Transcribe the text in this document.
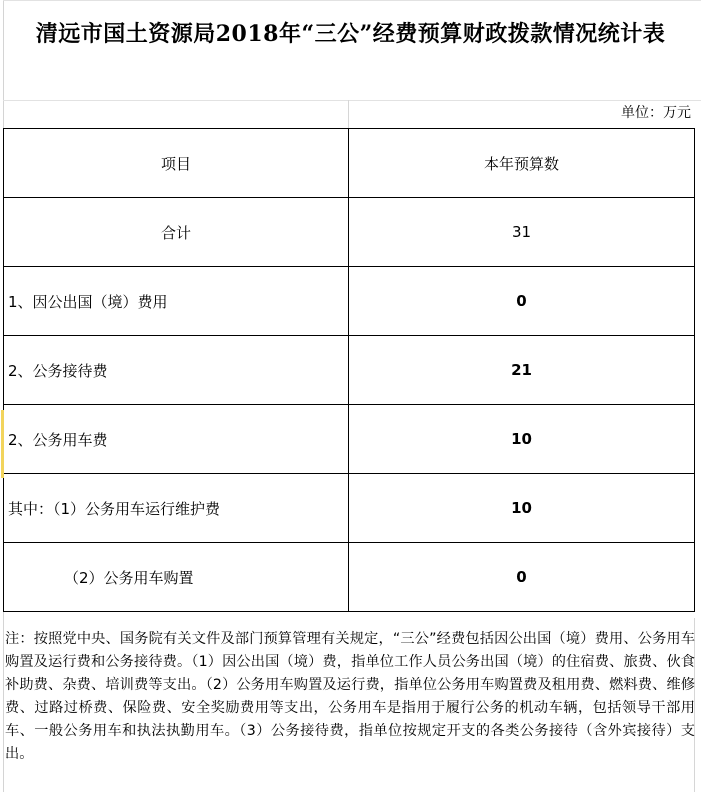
清远市国土资源局2018年“三公”经费预算财政拨款情况统计表
单位：万元
项目	本年预算数
合计	31
1、因公出国（境）费用	0
2、公务接待费	21
2、公务用车费	10
其中：（1）公务用车运行维护费	10
（2）公务用车购置	0
注：按照党中央、国务院有关文件及部门预算管理有关规定，“三公”经费包括因公出国（境）费用、公务用车购置及运行费和公务接待费。（1）因公出国（境）费，指单位工作人员公务出国（境）的住宿费、旅费、伙食补助费、杂费、培训费等支出。（2）公务用车购置及运行费，指单位公务用车购置费及租用费、燃料费、维修费、过路过桥费、保险费、安全奖励费用等支出，公务用车是指用于履行公务的机动车辆，包括领导干部用车、一般公务用车和执法执勤用车。（3）公务接待费，指单位按规定开支的各类公务接待（含外宾接待）支出。
